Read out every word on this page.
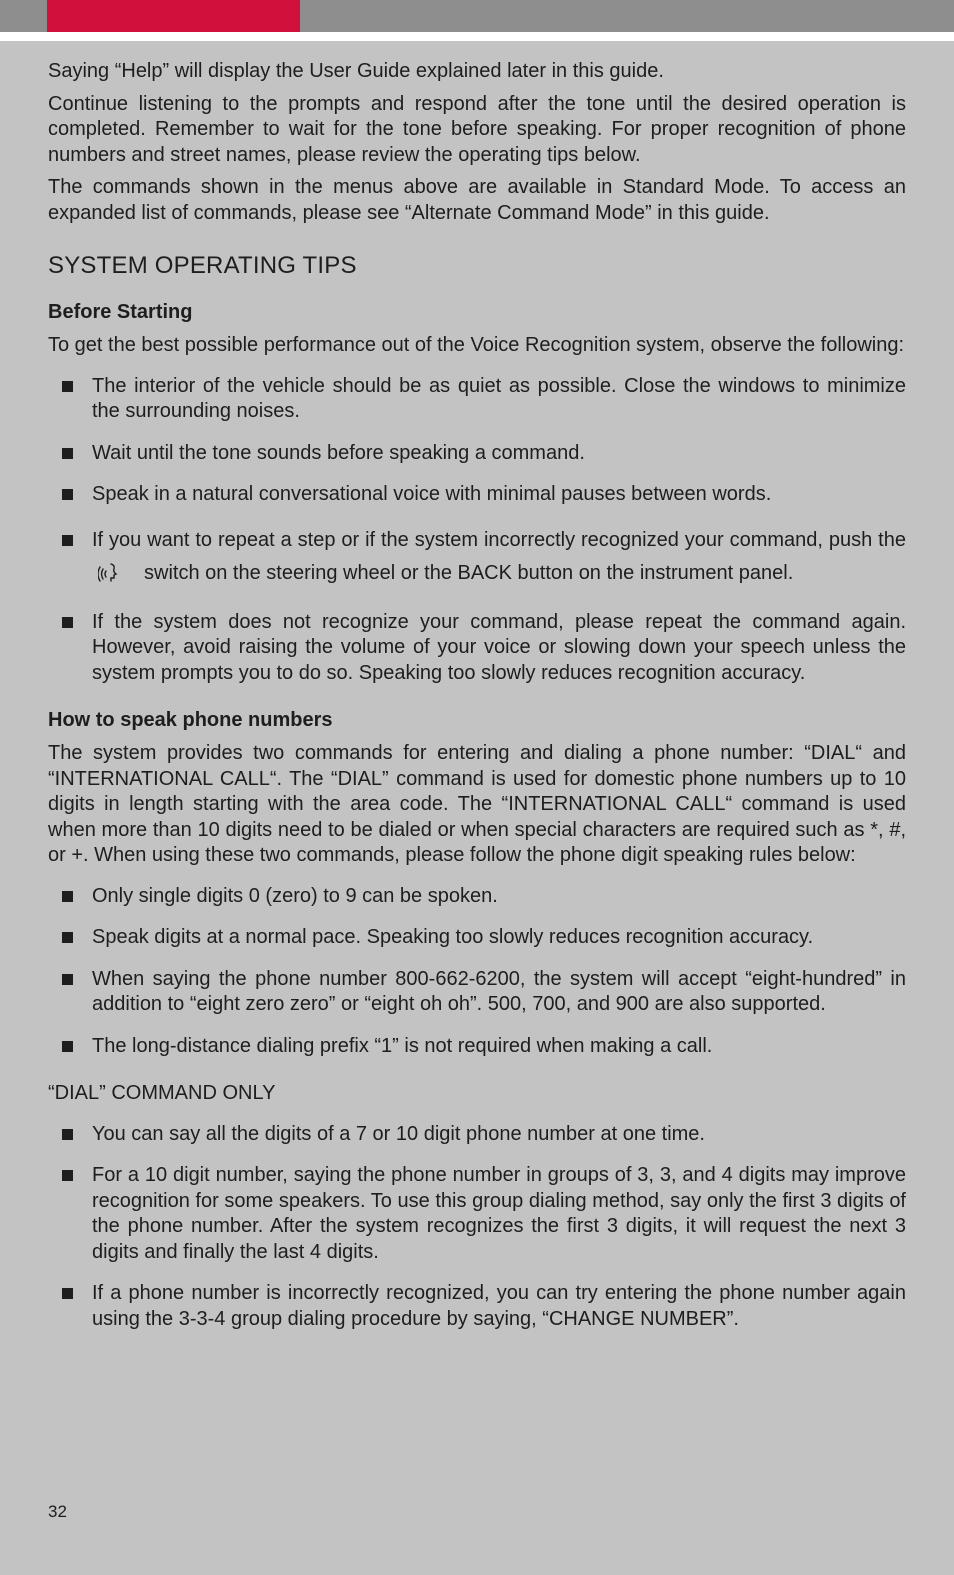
Saying “Help” will display the User Guide explained later in this guide.

Continue listening to the prompts and respond after the tone until the desired operation is completed. Remember to wait for the tone before speaking. For proper recognition of phone numbers and street names, please review the operating tips below.

The commands shown in the menus above are available in Standard Mode. To access an expanded list of commands, please see “Alternate Command Mode” in this guide.

SYSTEM OPERATING TIPS
Before Starting

To get the best possible performance out of the Voice Recognition system, observe the following:

The interior of the vehicle should be as quiet as possible. Close the windows to minimize the surrounding noises.
Wait until the tone sounds before speaking a command.
Speak in a natural conversational voice with minimal pauses between words.
If you want to repeat a step or if the system incorrectly recognized your command, push theswitch on the steering wheel or the BACK button on the instrument panel.
If the system does not recognize your command, please repeat the command again. However, avoid raising the volume of your voice or slowing down your speech unless the system prompts you to do so. Speaking too slowly reduces recognition accuracy.
How to speak phone numbers

The system provides two commands for entering and dialing a phone number: “DIAL“ and “INTERNATIONAL CALL“. The “DIAL” command is used for domestic phone numbers up to 10 digits in length starting with the area code. The “INTERNATIONAL CALL“ command is used when more than 10 digits need to be dialed or when special characters are required such as *, #, or +. When using these two commands, please follow the phone digit speaking rules below:

Only single digits 0 (zero) to 9 can be spoken.
Speak digits at a normal pace. Speaking too slowly reduces recognition accuracy.
When saying the phone number 800-662-6200, the system will accept “eight-hundred” in addition to “eight zero zero” or “eight oh oh”. 500, 700, and 900 are also supported.
The long-distance dialing prefix “1” is not required when making a call.
“DIAL” COMMAND ONLY
You can say all the digits of a 7 or 10 digit phone number at one time.
For a 10 digit number, saying the phone number in groups of 3, 3, and 4 digits may improve recognition for some speakers. To use this group dialing method, say only the first 3 digits of the phone number. After the system recognizes the first 3 digits, it will request the next 3 digits and finally the last 4 digits.
If a phone number is incorrectly recognized, you can try entering the phone number again using the 3-3-4 group dialing procedure by saying, “CHANGE NUMBER”.
32
